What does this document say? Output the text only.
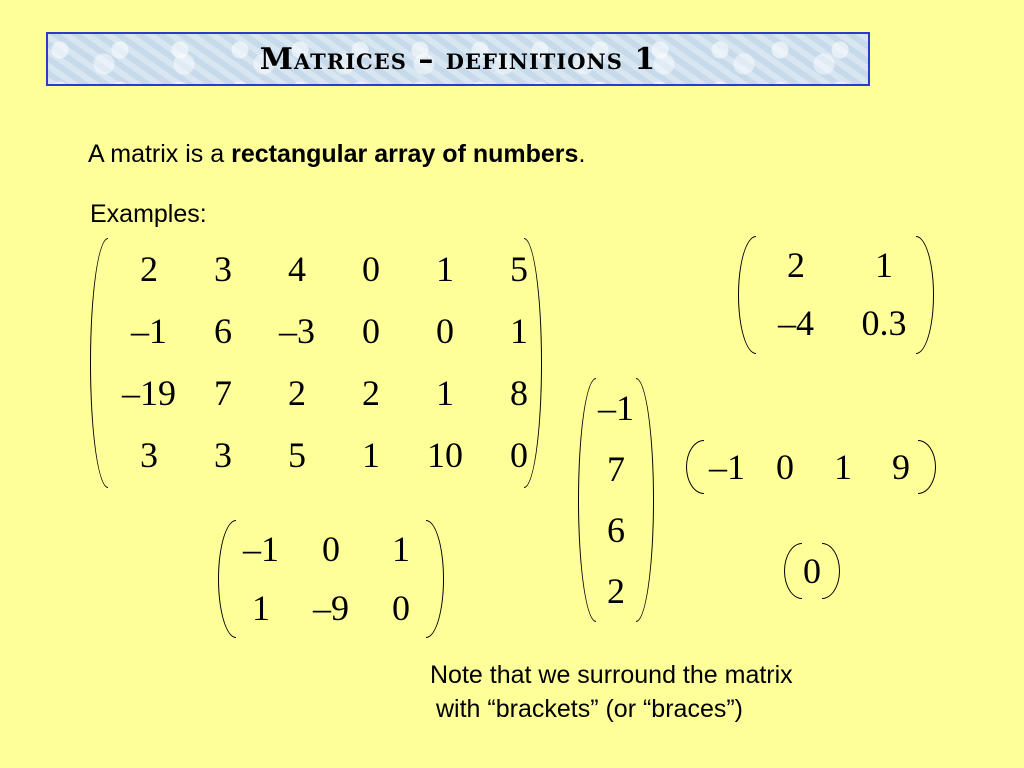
Matrices – definitions 1
A matrix is a rectangular array of numbers.
Examples:
2	3	4	0	1	5
–1	6	–3	0	0	1
–19	7	2	2	1	8
3	3	5	1	10	0
2	1
–4	0.3
–1
7
6
2
–1 0	1	9
–1	0	1
1	–9	0
0
Note that we surround the matrix
with “brackets” (or “braces”)
